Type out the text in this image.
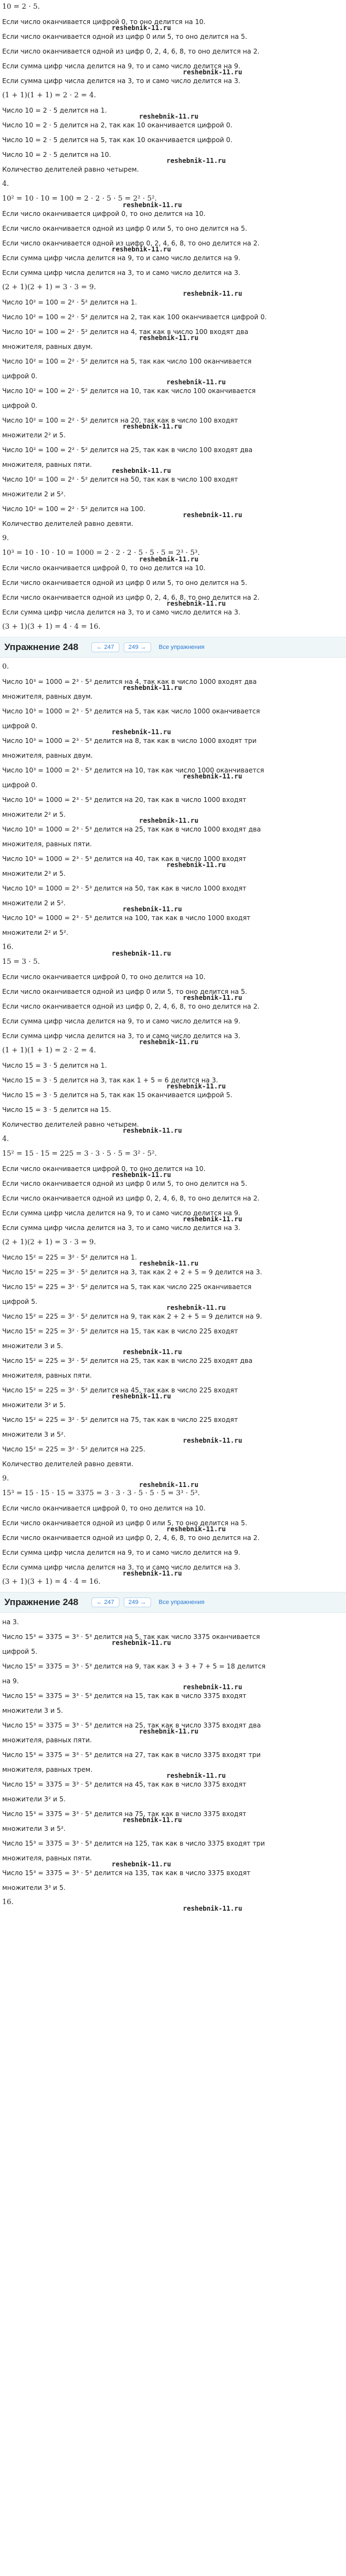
10 = 2 · 5.

Если число оканчивается цифрой 0, то оно делится на 10.

reshebnik-11.ru

Если число оканчивается одной из цифр 0 или 5, то оно делится на 5.

Если число оканчивается одной из цифр 0, 2, 4, 6, 8, то оно делится на 2.

Если сумма цифр числа делится на 9, то и само число делится на 9.

reshebnik-11.ru

Если сумма цифр числа делится на 3, то и само число делится на 3.

(1 + 1)(1 + 1) = 2 · 2 = 4.

Число 10 = 2 · 5 делится на 1.

reshebnik-11.ru

Число 10 = 2 · 5 делится на 2, так как 10 оканчивается цифрой 0.

Число 10 = 2 · 5 делится на 5, так как 10 оканчивается цифрой 0.

Число 10 = 2 · 5 делится на 10.

reshebnik-11.ru

Количество делителей равно четырем.

4.

10² = 10 · 10 = 100 = 2 · 2 · 5 · 5 = 2² · 5².

reshebnik-11.ru

Если число оканчивается цифрой 0, то оно делится на 10.

Если число оканчивается одной из цифр 0 или 5, то оно делится на 5.

Если число оканчивается одной из цифр 0, 2, 4, 6, 8, то оно делится на 2.

reshebnik-11.ru

Если сумма цифр числа делится на 9, то и само число делится на 9.

Если сумма цифр числа делится на 3, то и само число делится на 3.

(2 + 1)(2 + 1) = 3 · 3 = 9.

reshebnik-11.ru

Число 10² = 100 = 2² · 5² делится на 1.

Число 10² = 100 = 2² · 5² делится на 2, так как 100 оканчивается цифрой 0.

Число 10² = 100 = 2² · 5² делится на 4, так как в число 100 входят два

reshebnik-11.ru

множителя, равных двум.

Число 10² = 100 = 2² · 5² делится на 5, так как число 100 оканчивается

цифрой 0.

reshebnik-11.ru

Число 10² = 100 = 2² · 5² делится на 10, так как число 100 оканчивается

цифрой 0.

Число 10² = 100 = 2² · 5² делится на 20, так как в число 100 входят

reshebnik-11.ru

множители 2² и 5.

Число 10² = 100 = 2² · 5² делится на 25, так как в число 100 входят два

множителя, равных пяти.

reshebnik-11.ru

Число 10² = 100 = 2² · 5² делится на 50, так как в число 100 входят

множители 2 и 5².

Число 10² = 100 = 2² · 5² делится на 100.

reshebnik-11.ru

Количество делителей равно девяти.

9.

10³ = 10 · 10 · 10 = 1000 = 2 · 2 · 2 · 5 · 5 · 5 = 2³ · 5³.

reshebnik-11.ru

Если число оканчивается цифрой 0, то оно делится на 10.

Если число оканчивается одной из цифр 0 или 5, то оно делится на 5.

Если число оканчивается одной из цифр 0, 2, 4, 6, 8, то оно делится на 2.

reshebnik-11.ru

Если сумма цифр числа делится на 3, то и само число делится на 3.

(3 + 1)(3 + 1) = 4 · 4 = 16.

Упражнение 248	← 247	249 →	Все упражнения

0.

Число 10³ = 1000 = 2³ · 5³ делится на 4, так как в число 1000 входят два

reshebnik-11.ru

множителя, равных двум.

Число 10³ = 1000 = 2³ · 5³ делится на 5, так как число 1000 оканчивается

цифрой 0.

reshebnik-11.ru

Число 10³ = 1000 = 2³ · 5³ делится на 8, так как в число 1000 входят три

множителя, равных двум.

Число 10³ = 1000 = 2³ · 5³ делится на 10, так как число 1000 оканчивается

reshebnik-11.ru

цифрой 0.

Число 10³ = 1000 = 2³ · 5³ делится на 20, так как в число 1000 входят

множители 2² и 5.

reshebnik-11.ru

Число 10³ = 1000 = 2³ · 5³ делится на 25, так как в число 1000 входят два

множителя, равных пяти.

Число 10³ = 1000 = 2³ · 5³ делится на 40, так как в число 1000 входят

reshebnik-11.ru

множители 2³ и 5.

Число 10³ = 1000 = 2³ · 5³ делится на 50, так как в число 1000 входят

множители 2 и 5².

reshebnik-11.ru

Число 10³ = 1000 = 2³ · 5³ делится на 100, так как в число 1000 входят

множители 2² и 5².

16.

reshebnik-11.ru

15 = 3 · 5.

Если число оканчивается цифрой 0, то оно делится на 10.

Если число оканчивается одной из цифр 0 или 5, то оно делится на 5.

reshebnik-11.ru

Если число оканчивается одной из цифр 0, 2, 4, 6, 8, то оно делится на 2.

Если сумма цифр числа делится на 9, то и само число делится на 9.

Если сумма цифр числа делится на 3, то и само число делится на 3.

reshebnik-11.ru

(1 + 1)(1 + 1) = 2 · 2 = 4.

Число 15 = 3 · 5 делится на 1.

Число 15 = 3 · 5 делится на 3, так как 1 + 5 = 6 делится на 3.

reshebnik-11.ru

Число 15 = 3 · 5 делится на 5, так как 15 оканчивается цифрой 5.

Число 15 = 3 · 5 делится на 15.

Количество делителей равно четырем.

reshebnik-11.ru

4.

15² = 15 · 15 = 225 = 3 · 3 · 5 · 5 = 3² · 5².

Если число оканчивается цифрой 0, то оно делится на 10.

reshebnik-11.ru

Если число оканчивается одной из цифр 0 или 5, то оно делится на 5.

Если число оканчивается одной из цифр 0, 2, 4, 6, 8, то оно делится на 2.

Если сумма цифр числа делится на 9, то и само число делится на 9.

reshebnik-11.ru

Если сумма цифр числа делится на 3, то и само число делится на 3.

(2 + 1)(2 + 1) = 3 · 3 = 9.

Число 15² = 225 = 3² · 5² делится на 1.

reshebnik-11.ru

Число 15² = 225 = 3² · 5² делится на 3, так как 2 + 2 + 5 = 9 делится на 3.

Число 15² = 225 = 3² · 5² делится на 5, так как число 225 оканчивается

цифрой 5.

reshebnik-11.ru

Число 15² = 225 = 3² · 5² делится на 9, так как 2 + 2 + 5 = 9 делится на 9.

Число 15² = 225 = 3² · 5² делится на 15, так как в число 225 входят

множители 3 и 5.

reshebnik-11.ru

Число 15² = 225 = 3² · 5² делится на 25, так как в число 225 входят два

множителя, равных пяти.

Число 15² = 225 = 3² · 5² делится на 45, так как в число 225 входят

reshebnik-11.ru

множители 3² и 5.

Число 15² = 225 = 3² · 5² делится на 75, так как в число 225 входят

множители 3 и 5².

reshebnik-11.ru

Число 15² = 225 = 3² · 5² делится на 225.

Количество делителей равно девяти.

9.

reshebnik-11.ru

15³ = 15 · 15 · 15 = 3375 = 3 · 3 · 3 · 5 · 5 · 5 = 3³ · 5³.

Если число оканчивается цифрой 0, то оно делится на 10.

Если число оканчивается одной из цифр 0 или 5, то оно делится на 5.

reshebnik-11.ru

Если число оканчивается одной из цифр 0, 2, 4, 6, 8, то оно делится на 2.

Если сумма цифр числа делится на 9, то и само число делится на 9.

Если сумма цифр числа делится на 3, то и само число делится на 3.

reshebnik-11.ru

(3 + 1)(3 + 1) = 4 · 4 = 16.

Упражнение 248	← 247	249 →	Все упражнения

на 3.

Число 15³ = 3375 = 3³ · 5³ делится на 5, так как число 3375 оканчивается

reshebnik-11.ru

цифрой 5.

Число 15³ = 3375 = 3³ · 5³ делится на 9, так как 3 + 3 + 7 + 5 = 18 делится

на 9.

reshebnik-11.ru

Число 15³ = 3375 = 3³ · 5³ делится на 15, так как в число 3375 входят

множители 3 и 5.

Число 15³ = 3375 = 3³ · 5³ делится на 25, так как в число 3375 входят два

reshebnik-11.ru

множителя, равных пяти.

Число 15³ = 3375 = 3³ · 5³ делится на 27, так как в число 3375 входят три

множителя, равных трем.

reshebnik-11.ru

Число 15³ = 3375 = 3³ · 5³ делится на 45, так как в число 3375 входят

множители 3² и 5.

Число 15³ = 3375 = 3³ · 5³ делится на 75, так как в число 3375 входят

reshebnik-11.ru

множители 3 и 5².

Число 15³ = 3375 = 3³ · 5³ делится на 125, так как в число 3375 входят три

множителя, равных пяти.

reshebnik-11.ru

Число 15³ = 3375 = 3³ · 5³ делится на 135, так как в число 3375 входят

множители 3³ и 5.

16.

reshebnik-11.ru
